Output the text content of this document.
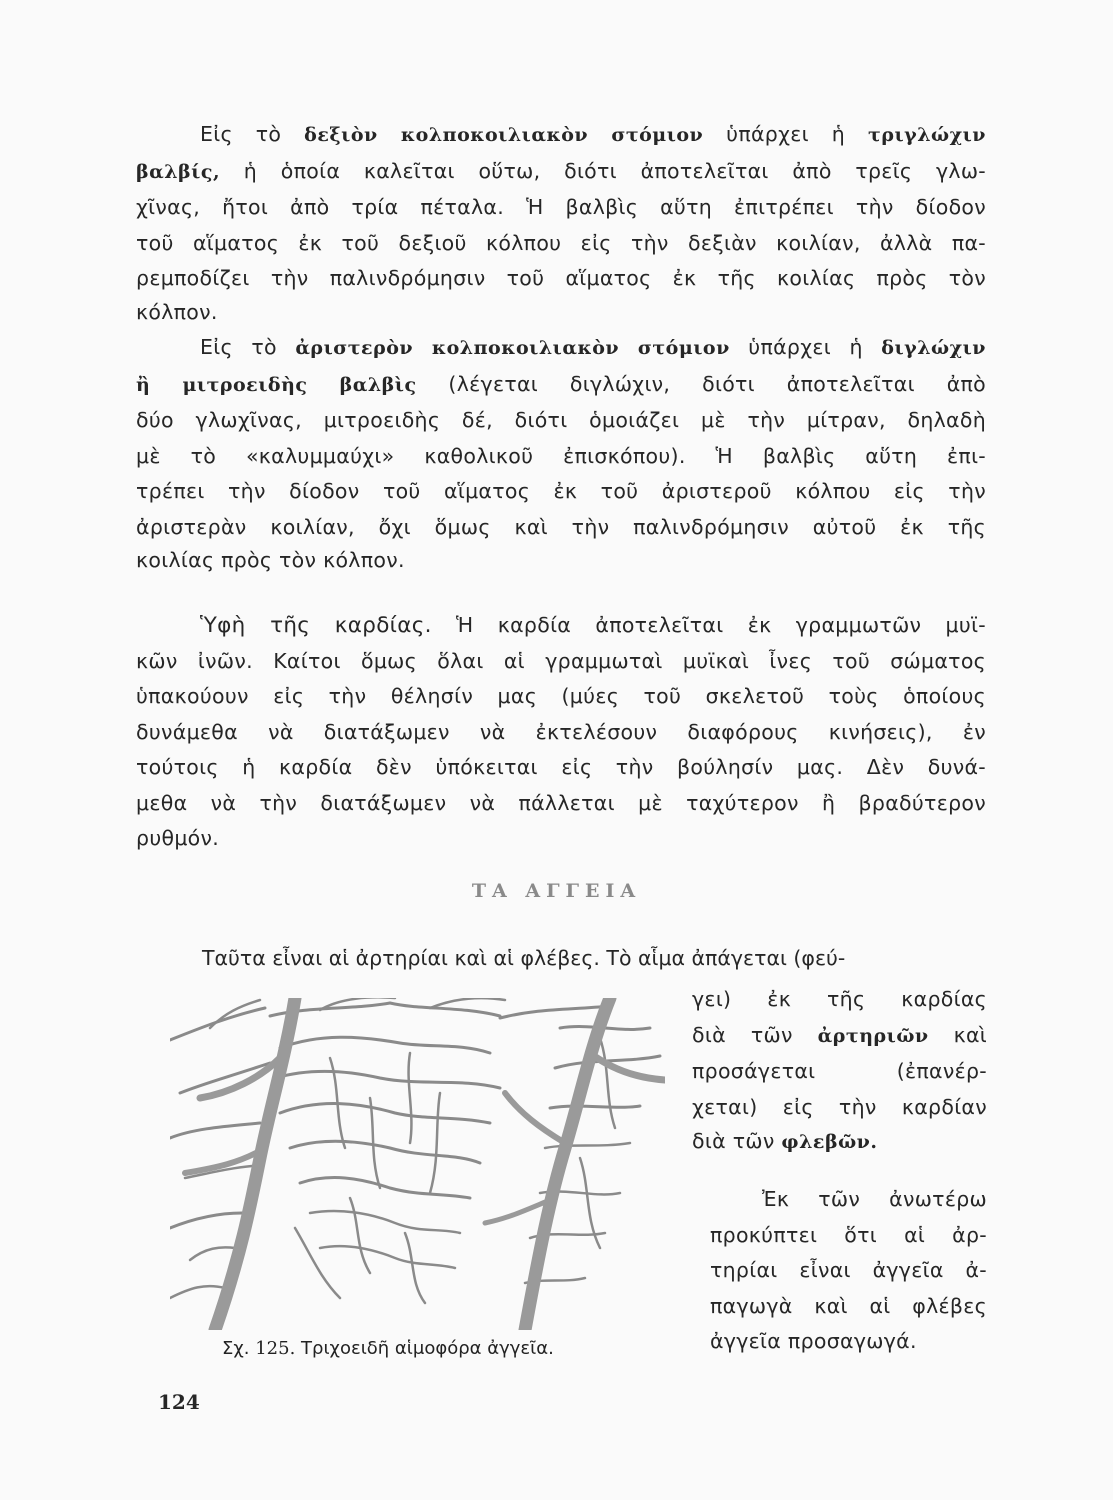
Εἰς τὸ δεξιὸν κολποκοιλιακὸν στόμιον ὑπάρχει ἡ τριγλώχιν
βαλβίς, ἡ ὁποία καλεῖται οὕτω, διότι ἀποτελεῖται ἀπὸ τρεῖς γλω-
χῖνας, ἤτοι ἀπὸ τρία πέταλα. Ἡ βαλβὶς αὕτη ἐπιτρέπει τὴν δίοδον
τοῦ αἵματος ἐκ τοῦ δεξιοῦ κόλπου εἰς τὴν δεξιὰν κοιλίαν, ἀλλὰ πα-
ρεμποδίζει τὴν παλινδρόμησιν τοῦ αἵματος ἐκ τῆς κοιλίας πρὸς τὸν
κόλπον.
Εἰς τὸ ἀριστερὸν κολποκοιλιακὸν στόμιον ὑπάρχει ἡ διγλώχιν
ἢ μιτροειδὴς βαλβὶς (λέγεται διγλώχιν, διότι ἀποτελεῖται ἀπὸ
δύο γλωχῖνας, μιτροειδὴς δέ, διότι ὁμοιάζει μὲ τὴν μίτραν, δηλαδὴ
μὲ τὸ «καλυμμαύχι» καθολικοῦ ἐπισκόπου). Ἡ βαλβὶς αὕτη ἐπι-
τρέπει τὴν δίοδον τοῦ αἵματος ἐκ τοῦ ἀριστεροῦ κόλπου εἰς τὴν
ἀριστερὰν κοιλίαν, ὄχι ὅμως καὶ τὴν παλινδρόμησιν αὐτοῦ ἐκ τῆς
κοιλίας πρὸς τὸν κόλπον.
Ὑφὴ τῆς καρδίας. Ἡ καρδία ἀποτελεῖται ἐκ γραμμωτῶν μυϊ-
κῶν ἰνῶν. Καίτοι ὅμως ὅλαι αἱ γραμμωταὶ μυϊκαὶ ἶνες τοῦ σώματος
ὑπακούουν εἰς τὴν θέλησίν μας (μύες τοῦ σκελετοῦ τοὺς ὁποίους
δυνάμεθα νὰ διατάξωμεν νὰ ἐκτελέσουν διαφόρους κινήσεις), ἐν
τούτοις ἡ καρδία δὲν ὑπόκειται εἰς τὴν βούλησίν μας. Δὲν δυνά-
μεθα νὰ τὴν διατάξωμεν νὰ πάλλεται μὲ ταχύτερον ἢ βραδύτερον
ρυθμόν.
ΤΑ ΑΓΓΕΙΑ
Ταῦτα εἶναι αἱ ἀρτηρίαι καὶ αἱ φλέβες. Τὸ αἷμα ἀπάγεται (φεύ-
Σχ. 125. Τριχοειδῆ αἱμοφόρα ἀγγεῖα.
γει) ἐκ τῆς καρδίας
διὰ τῶν ἀρτηριῶν καὶ
προσάγεται (ἐπανέρ-
χεται) εἰς τὴν καρδίαν
διὰ τῶν φλεβῶν.
Ἐκ τῶν ἀνωτέρω
προκύπτει ὅτι αἱ ἀρ-
τηρίαι εἶναι ἀγγεῖα ἀ-
παγωγὰ καὶ αἱ φλέβες
ἀγγεῖα προσαγωγά.
124
